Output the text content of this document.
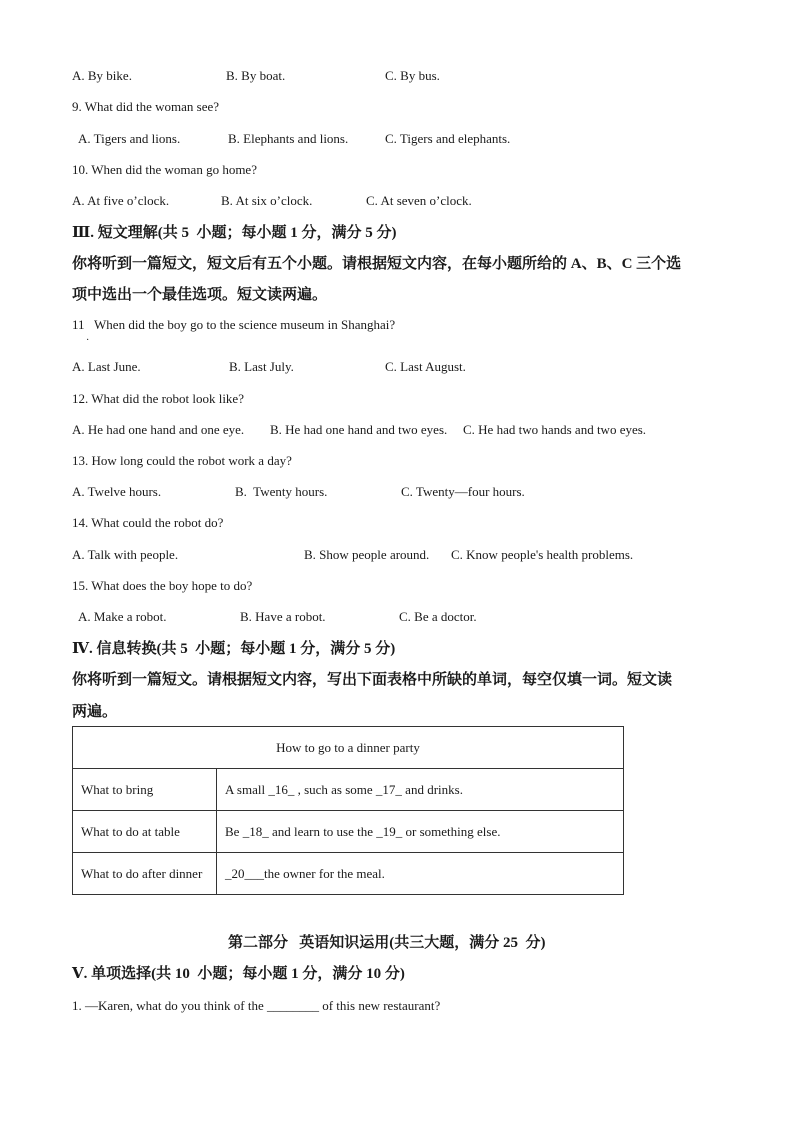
A. By bike.	B. By boat.	C. By bus.
9. What did the woman see?
A. Tigers and lions.	B. Elephants and lions.	C. Tigers and elephants.
10. When did the woman go home?
A. At five o’clock.	B. At six o’clock.	C. At seven o’clock.
Ⅲ. 短文理解(共 5  小题；每小题 1 分，满分 5 分)
你将听到一篇短文，短文后有五个小题。请根据短文内容，在每小题所给的 A、B、C 三个选
项中选出一个最佳选项。短文读两遍。
11   When did the boy go to the science museum in Shanghai?
·
A. Last June.	B. Last July.	C. Last August.
12. What did the robot look like?
A. He had one hand and one eye. B. He had one hand and two eyes. C. He had two hands and two eyes.
13. How long could the robot work a day?
A. Twelve hours.	B.  Twenty hours.	C. Twenty—four hours.
14. What could the robot do?
A. Talk with people.	B. Show people around. C. Know people's health problems.
15. What does the boy hope to do?
A. Make a robot.	B. Have a robot.	C. Be a doctor.
Ⅳ. 信息转换(共 5  小题；每小题 1 分，满分 5 分)
你将听到一篇短文。请根据短文内容，写出下面表格中所缺的单词，每空仅填一词。短文读
两遍。
How to go to a dinner party	
What to bring	A small _16_ , such as some _17_ and drinks.
What to do at table	Be _18_ and learn to use the _19_ or something else.
What to do after dinner	_20___the owner for the meal.
第二部分   英语知识运用(共三大题，满分 25  分)
Ⅴ. 单项选择(共 10  小题；每小题 1 分，满分 10 分)
1. —Karen, what do you think of the ________ of this new restaurant?
